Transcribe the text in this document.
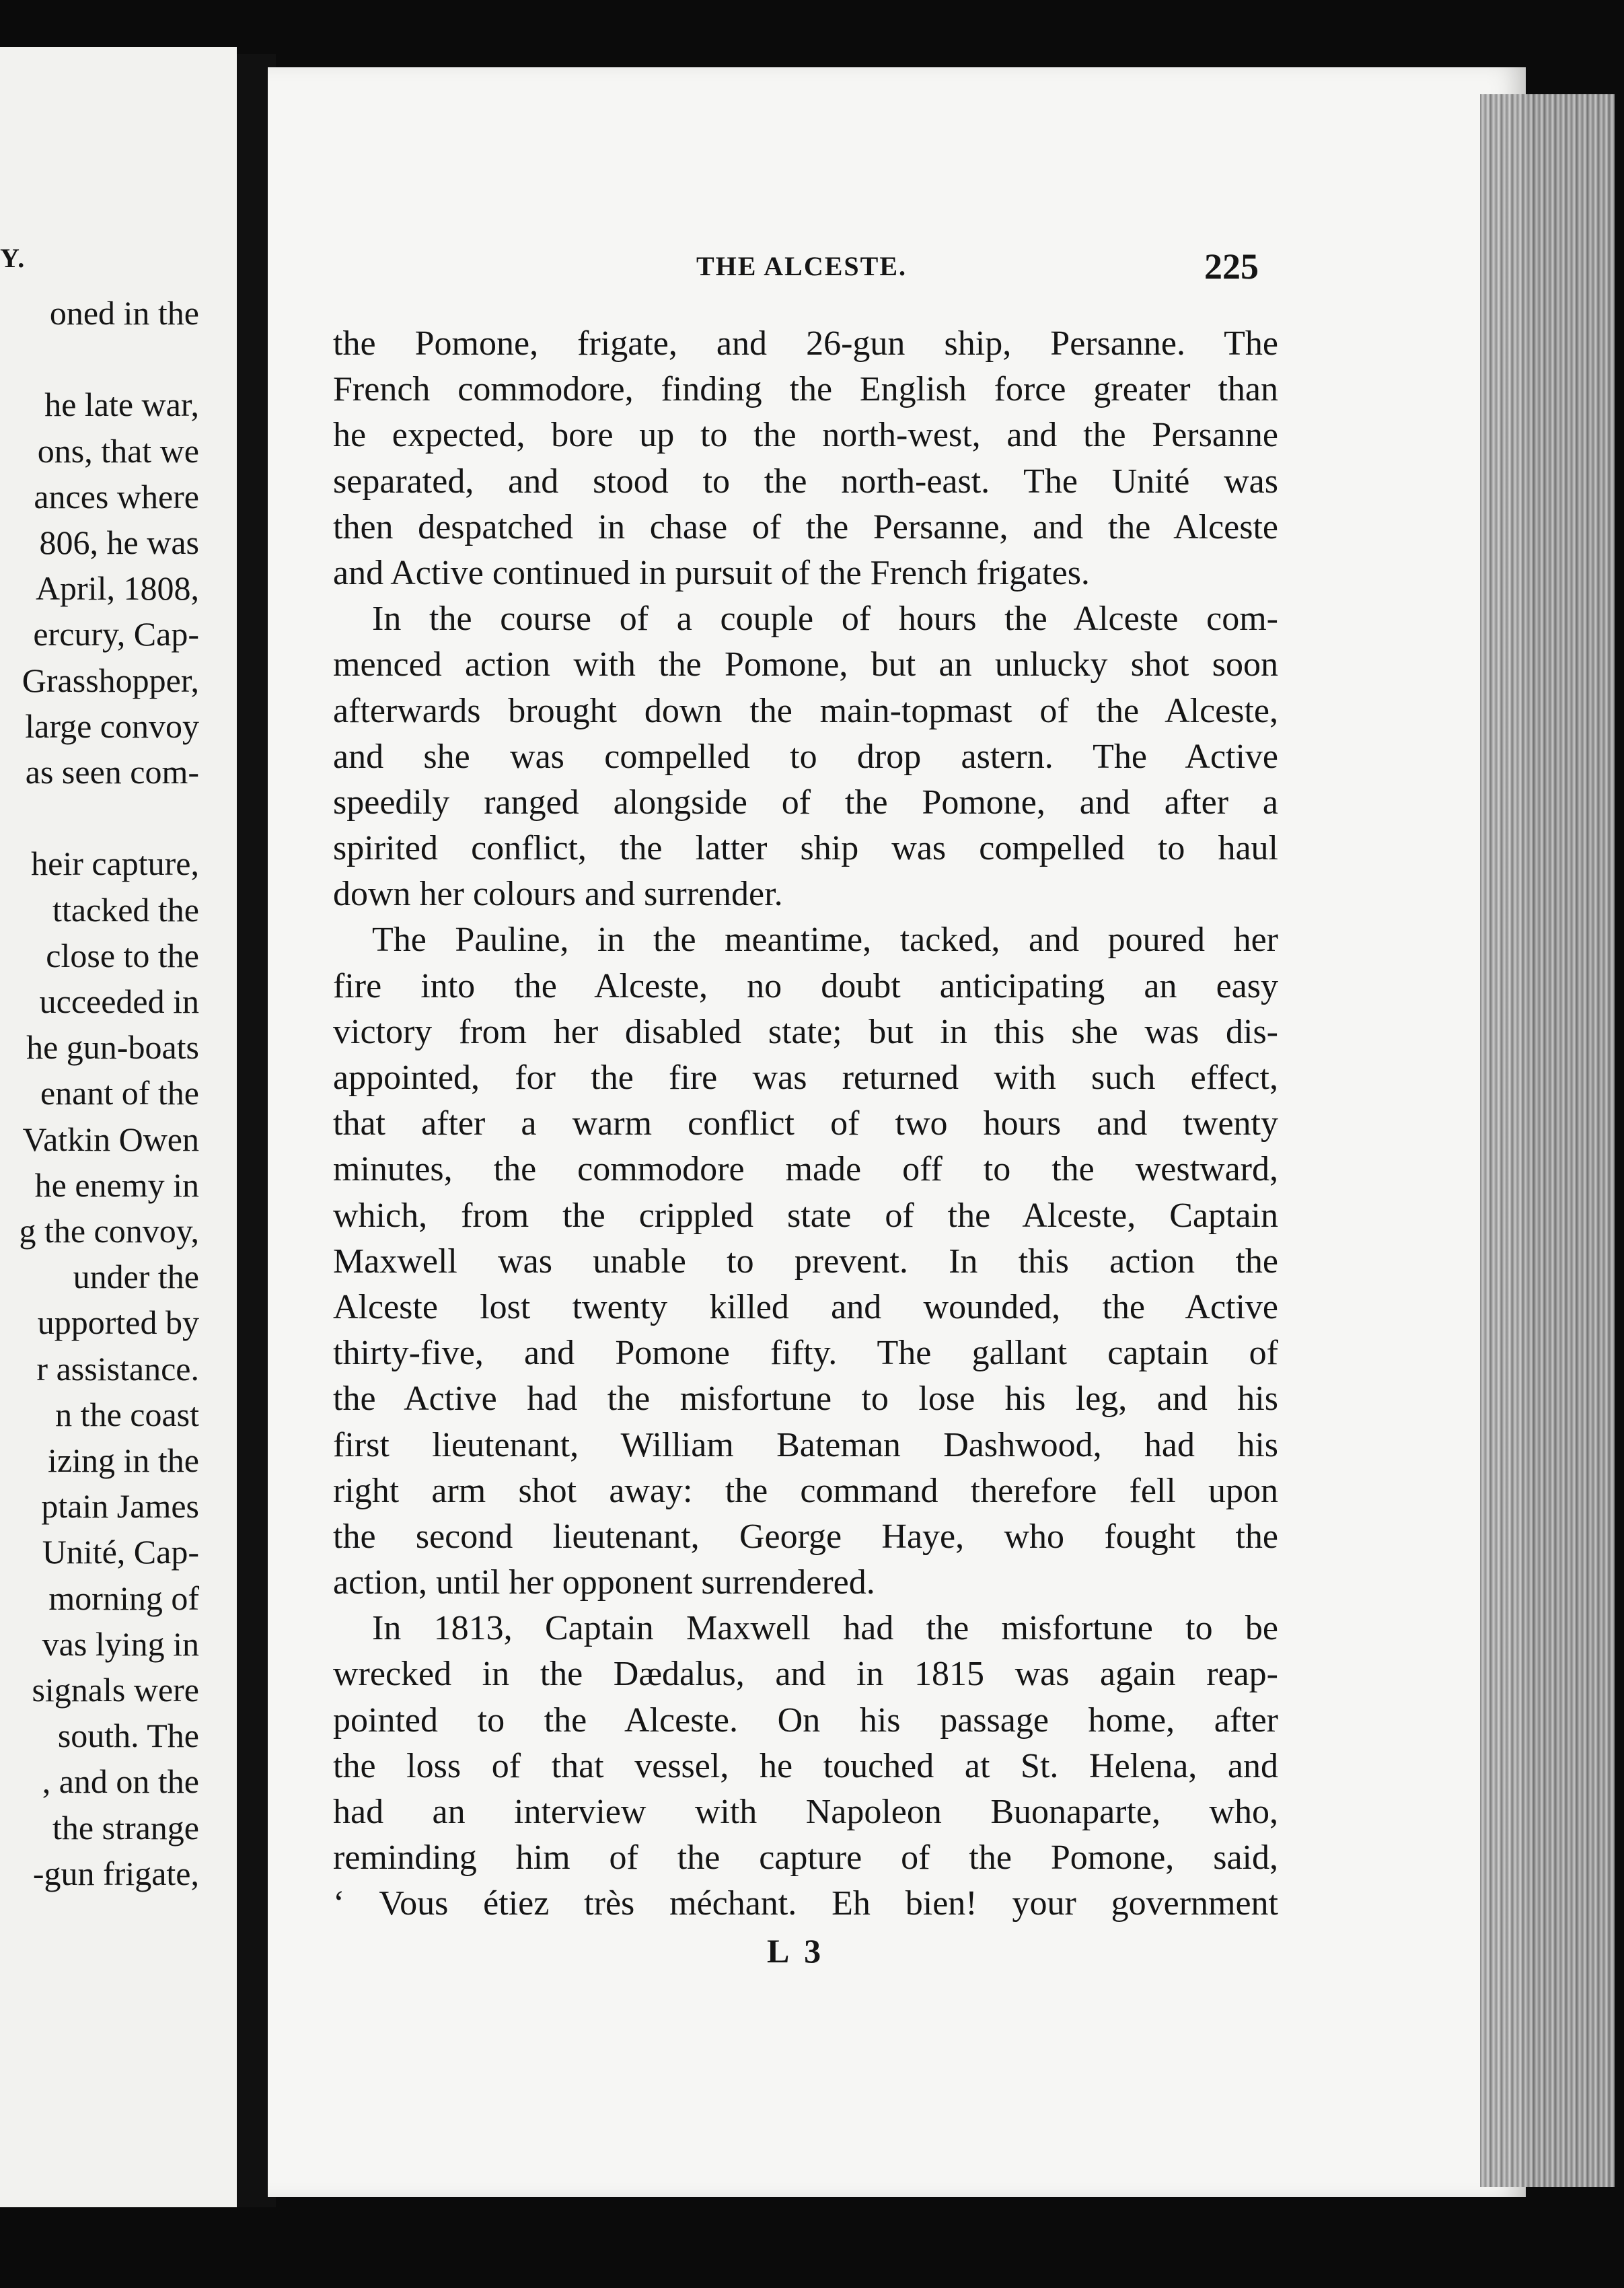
Y.
oned in the
he late war,
ons, that we
ances where
806, he was
April, 1808,
ercury, Cap-
Grasshopper,
large convoy
as seen com-
heir capture,
ttacked the
close to the
ucceeded in
he gun-boats
enant of the
Vatkin Owen
he enemy in
g the convoy,
under the
upported by
r assistance.
n the coast
izing in the
ptain James
Unité, Cap-
morning of
vas lying in
signals were
south. The
, and on the
the strange
-gun frigate,
THE ALCESTE.	225
the Pomone, frigate, and 26-gun ship, Persanne. The
French commodore, finding the English force greater than
he expected, bore up to the north-west, and the Persanne
separated, and stood to the north-east. The Unité was
then despatched in chase of the Persanne, and the Alceste
and Active continued in pursuit of the French frigates.
In the course of a couple of hours the Alceste com-
menced action with the Pomone, but an unlucky shot soon
afterwards brought down the main-topmast of the Alceste,
and she was compelled to drop astern. The Active
speedily ranged alongside of the Pomone, and after a
spirited conflict, the latter ship was compelled to haul
down her colours and surrender.
The Pauline, in the meantime, tacked, and poured her
fire into the Alceste, no doubt anticipating an easy
victory from her disabled state; but in this she was dis-
appointed, for the fire was returned with such effect,
that after a warm conflict of two hours and twenty
minutes, the commodore made off to the westward,
which, from the crippled state of the Alceste, Captain
Maxwell was unable to prevent. In this action the
Alceste lost twenty killed and wounded, the Active
thirty-five, and Pomone fifty. The gallant captain of
the Active had the misfortune to lose his leg, and his
first lieutenant, William Bateman Dashwood, had his
right arm shot away: the command therefore fell upon
the second lieutenant, George Haye, who fought the
action, until her opponent surrendered.
In 1813, Captain Maxwell had the misfortune to be
wrecked in the Dædalus, and in 1815 was again reap-
pointed to the Alceste. On his passage home, after
the loss of that vessel, he touched at St. Helena, and
had an interview with Napoleon Buonaparte, who,
reminding him of the capture of the Pomone, said,
‘ Vous étiez très méchant. Eh bien! your government
L 3
